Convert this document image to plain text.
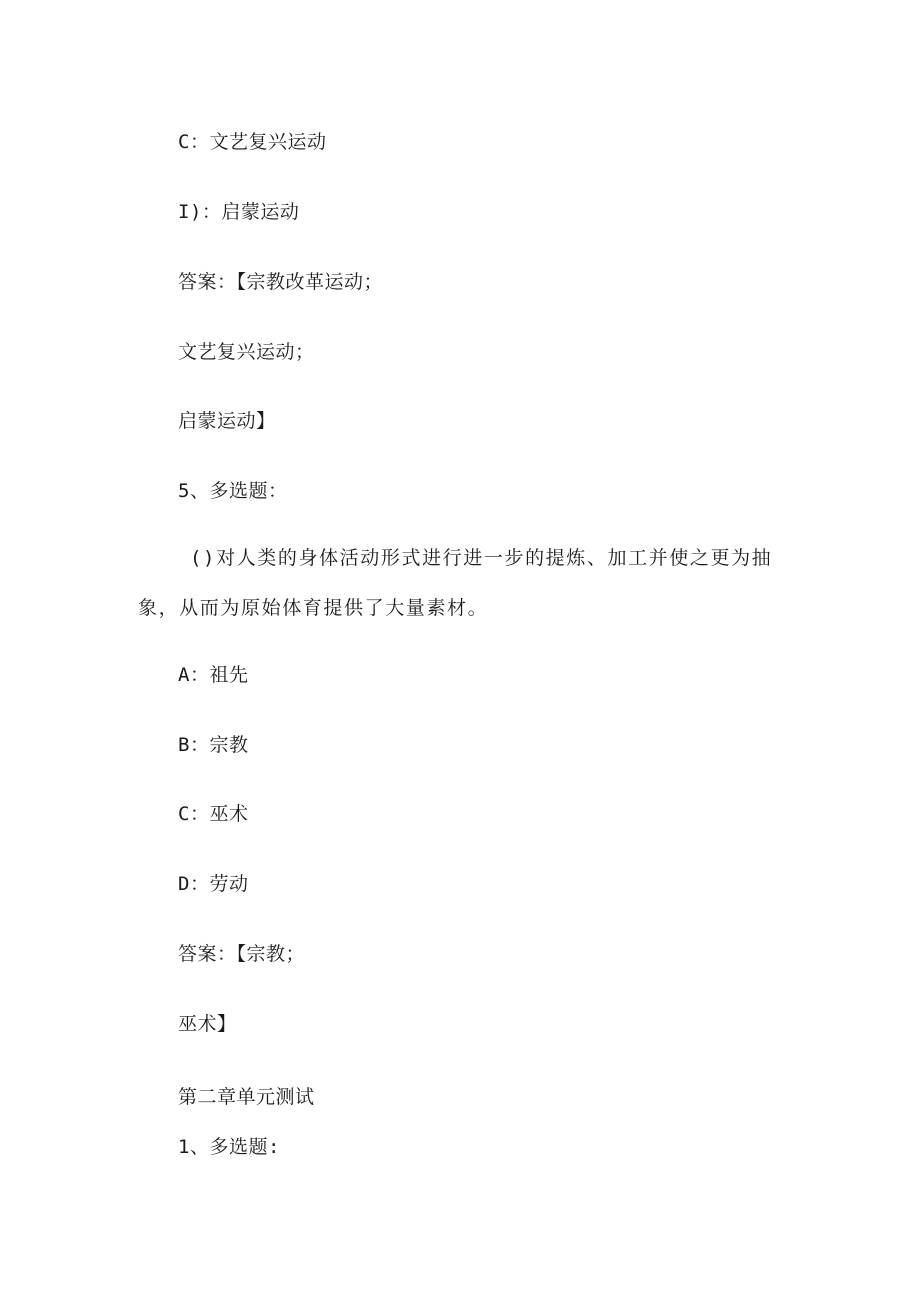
C：文艺复兴运动
I)：启蒙运动
答案：【宗教改革运动；
文艺复兴运动；
启蒙运动】
5、多选题：
()对人类的身体活动形式进行进一步的提炼、加工并使之更为抽
象，从而为原始体育提供了大量素材。
A：祖先
B：宗教
C：巫术
D：劳动
答案：【宗教；
巫术】
第二章单元测试
1、多选题:
